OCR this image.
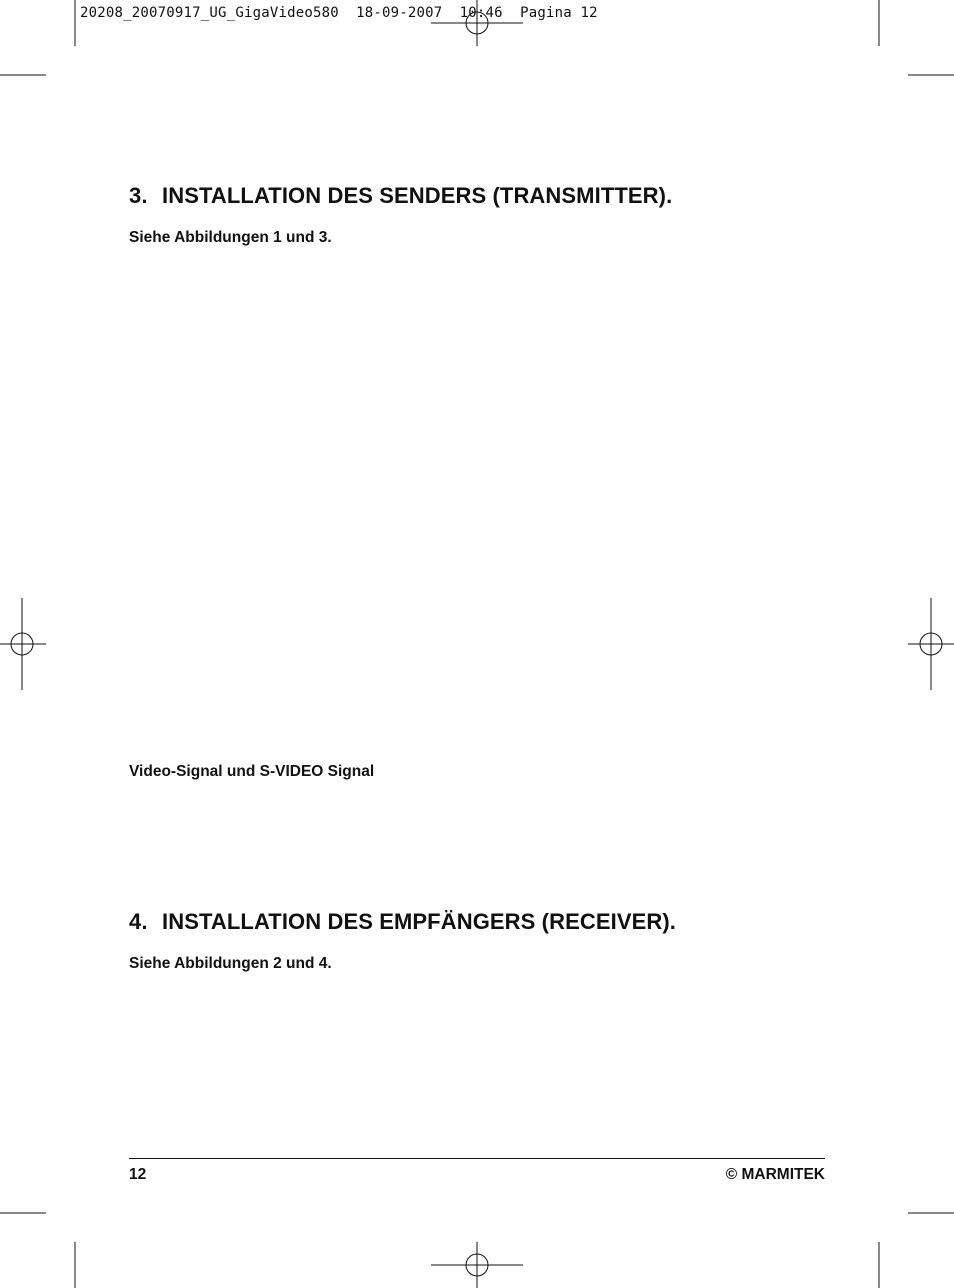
20208_20070917_UG_GigaVideo580  18-09-2007  10:46  Pagina 12
3. INSTALLATION DES SENDERS (TRANSMITTER).
Siehe Abbildungen 1 und 3.
Video-Signal und S-VIDEO Signal
4. INSTALLATION DES EMPFÄNGERS (RECEIVER).
Siehe Abbildungen 2 und 4.
12	© MARMITEK
